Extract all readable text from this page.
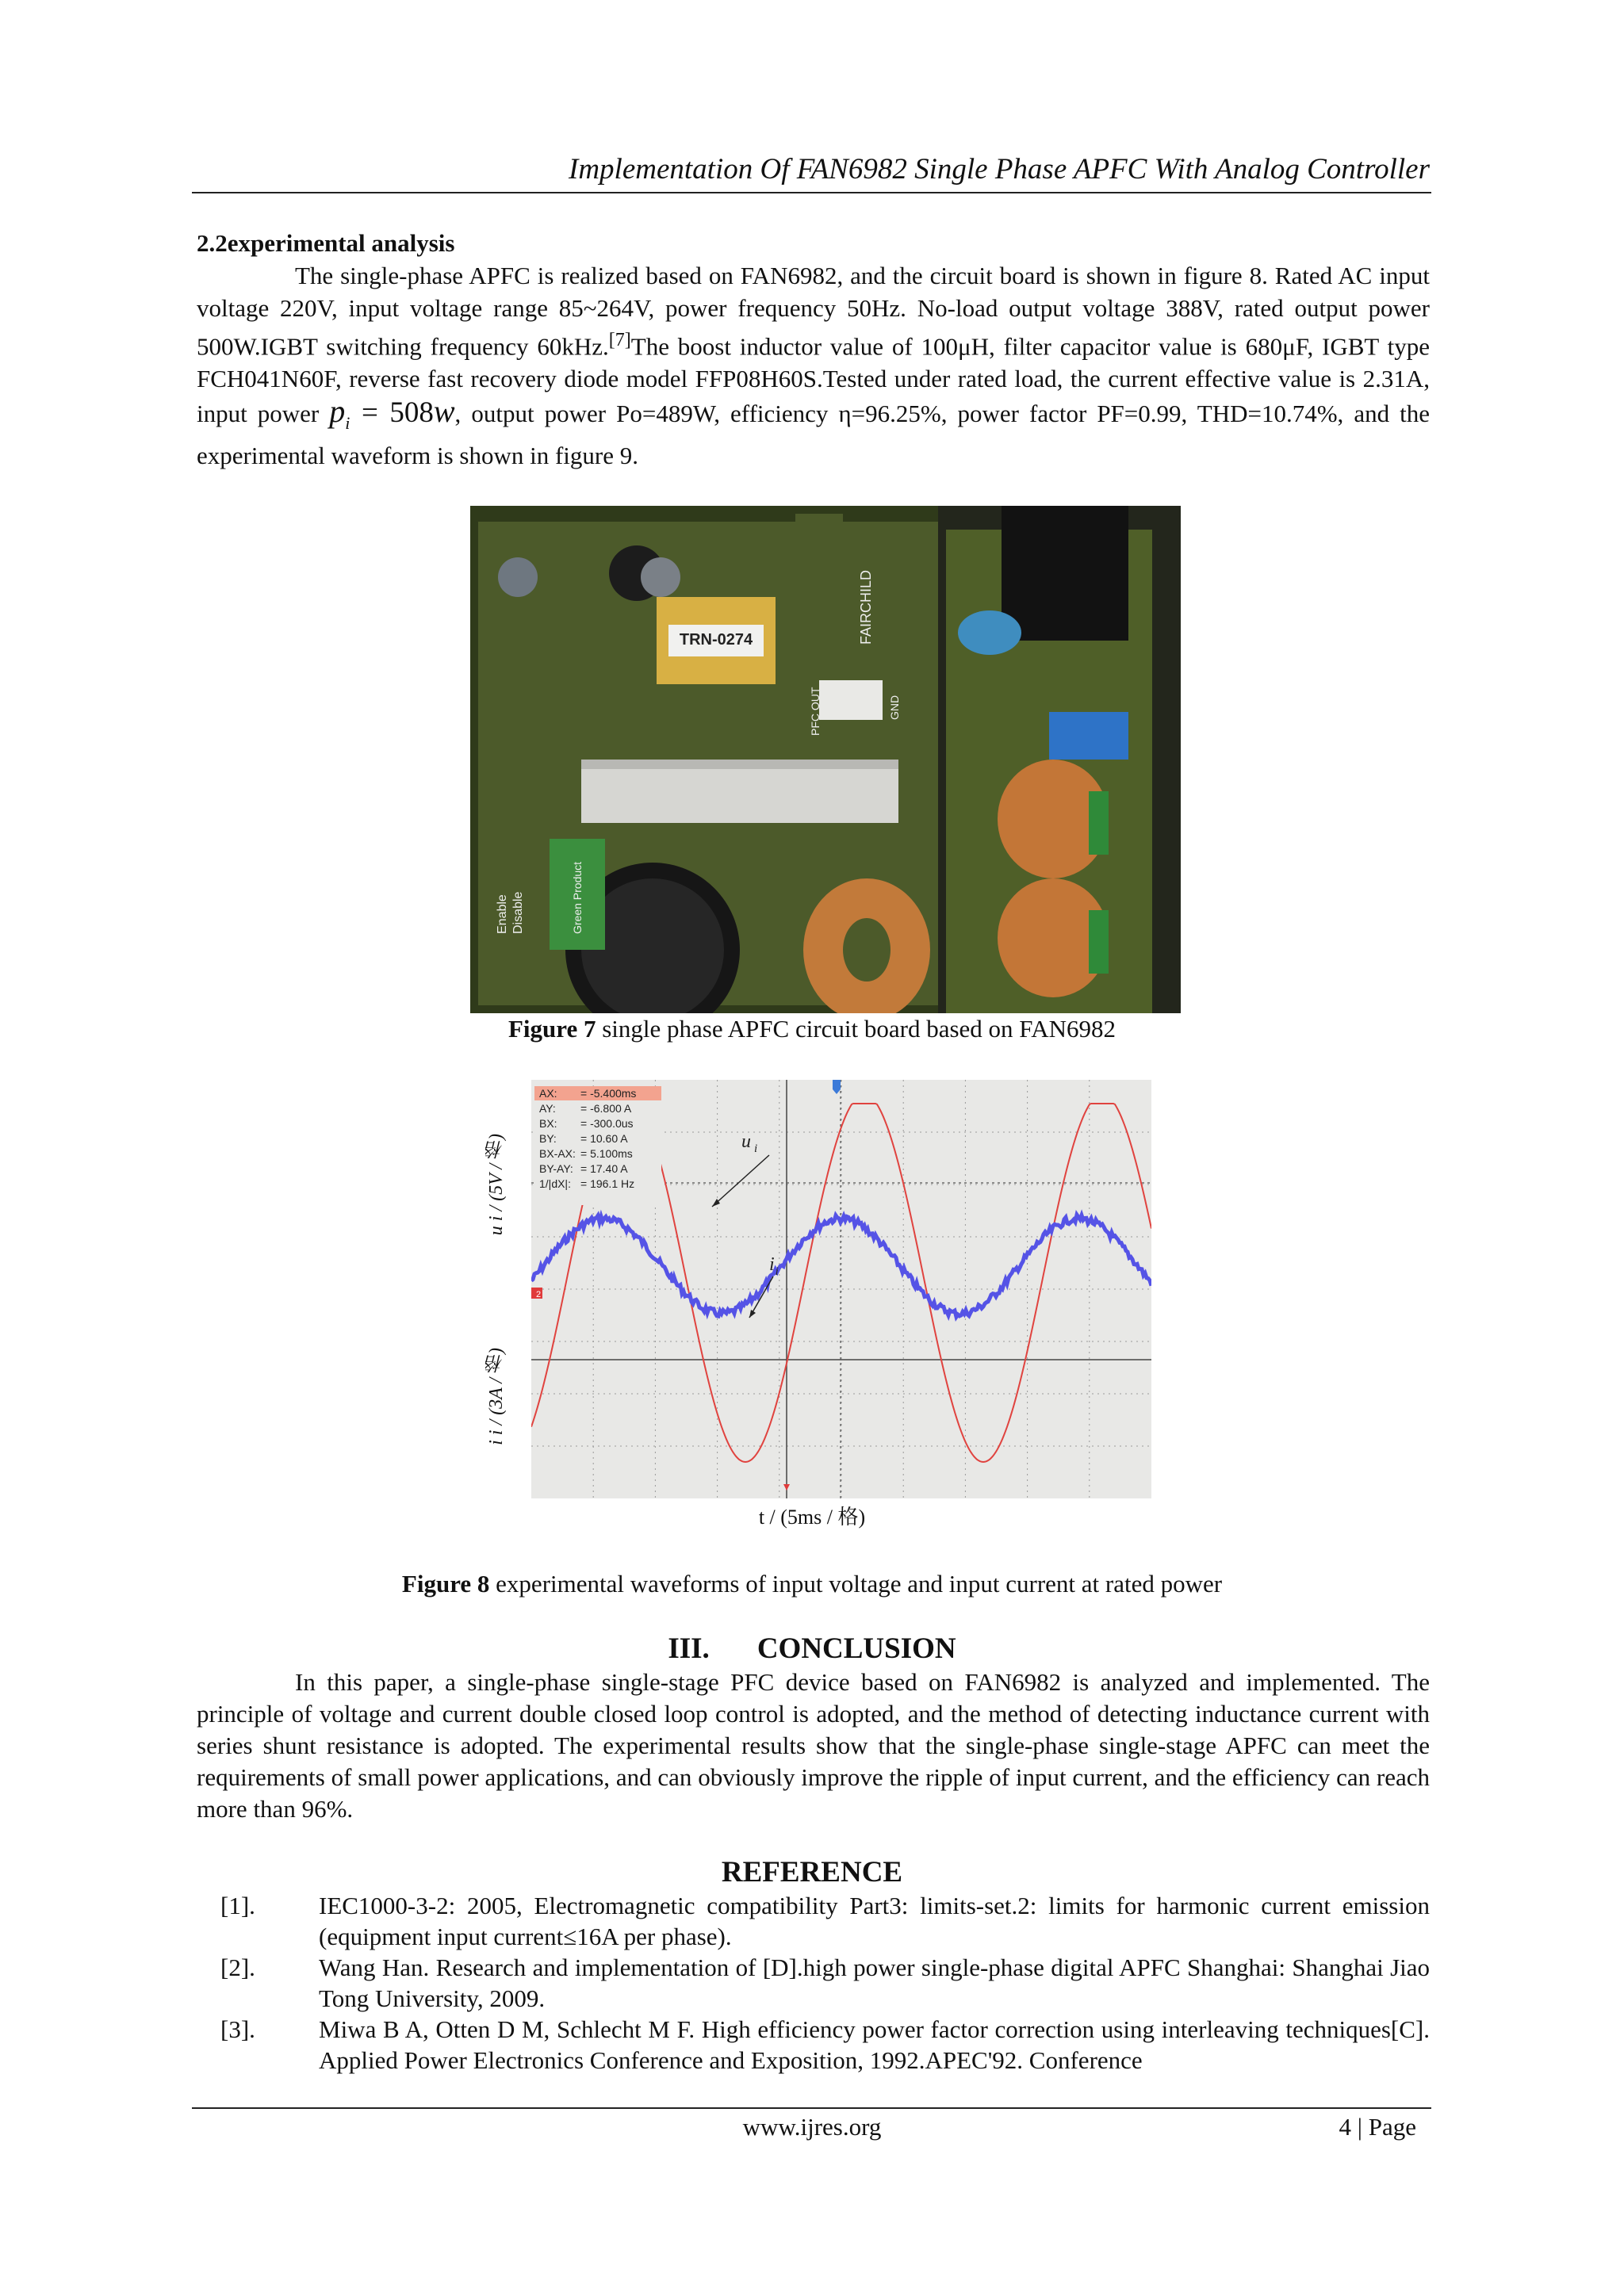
Implementation Of FAN6982 Single Phase APFC With Analog Controller
2.2experimental analysis
The single-phase APFC is realized based on FAN6982, and the circuit board is shown in figure 8. Rated AC input voltage 220V, input voltage range 85~264V, power frequency 50Hz. No-load output voltage 388V, rated output power 500W.IGBT switching frequency 60kHz.[7]The boost inductor value of 100μH, filter capacitor value is 680μF, IGBT type FCH041N60F, reverse fast recovery diode model FFP08H60S.Tested under rated load, the current effective value is 2.31A, input power $p_i = 508w$, output power Po=489W, efficiency η=96.25%, power factor PF=0.99, THD=10.74%, and the experimental waveform is shown in figure 9.
TRN-0274	FAIRCHILD
PFC OUT	GND
Enable Disable	Green Product
Figure 7 single phase APFC circuit board based on FAN6982
u i / (5V / 格)
i i / (3A / 格)
AX: = -5.400ms
AY: = -6.800 A
BX: = -300.0us
BY: = 10.60 A
BX-AX: = 5.100ms
BY-AY: = 17.40 A
1/|dX|: = 196.1 Hz
2
u $_i$
$i_i$
t / (5ms / 格)
Figure 8 experimental waveforms of input voltage and input current at rated power
III. CONCLUSION
In this paper, a single-phase single-stage PFC device based on FAN6982 is analyzed and implemented. The principle of voltage and current double closed loop control is adopted, and the method of detecting inductance current with series shunt resistance is adopted. The experimental results show that the single-phase single-stage APFC can meet the requirements of small power applications, and can obviously improve the ripple of input current, and the efficiency can reach more than 96%.
REFERENCE
[1].	IEC1000-3-2: 2005, Electromagnetic compatibility Part3: limits-set.2: limits for harmonic current emission (equipment input current≤16A per phase).
[2].	Wang Han. Research and implementation of [D].high power single-phase digital APFC Shanghai: Shanghai Jiao Tong University, 2009.
[3].	Miwa B A, Otten D M, Schlecht M F. High efficiency power factor correction using interleaving techniques[C]. Applied Power Electronics Conference and Exposition, 1992.APEC'92. Conference
www.ijres.org	4 | Page
